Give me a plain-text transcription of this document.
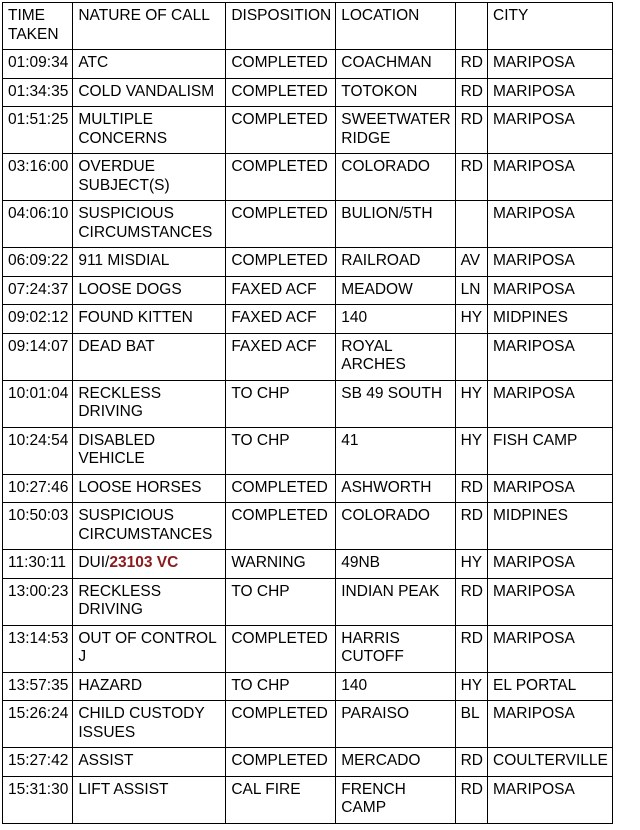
TIME TAKEN	NATURE OF CALL	DISPOSITION	LOCATION		CITY
01:09:34	ATC	COMPLETED	COACHMAN	RD	MARIPOSA
01:34:35	COLD VANDALISM	COMPLETED	TOTOKON	RD	MARIPOSA
01:51:25	MULTIPLE CONCERNS	COMPLETED	SWEETWATER RIDGE	RD	MARIPOSA
03:16:00	OVERDUE SUBJECT(S)	COMPLETED	COLORADO	RD	MARIPOSA
04:06:10	SUSPICIOUS CIRCUMSTANCES	COMPLETED	BULION/5TH		MARIPOSA
06:09:22	911 MISDIAL	COMPLETED	RAILROAD	AV	MARIPOSA
07:24:37	LOOSE DOGS	FAXED ACF	MEADOW	LN	MARIPOSA
09:02:12	FOUND KITTEN	FAXED ACF	140	HY	MIDPINES
09:14:07	DEAD BAT	FAXED ACF	ROYAL ARCHES		MARIPOSA
10:01:04	RECKLESS DRIVING	TO CHP	SB 49 SOUTH	HY	MARIPOSA
10:24:54	DISABLED VEHICLE	TO CHP	41	HY	FISH CAMP
10:27:46	LOOSE HORSES	COMPLETED	ASHWORTH	RD	MARIPOSA
10:50:03	SUSPICIOUS CIRCUMSTANCES	COMPLETED	COLORADO	RD	MIDPINES
11:30:11	DUI/23103 VC	WARNING	49NB	HY	MARIPOSA
13:00:23	RECKLESS DRIVING	TO CHP	INDIAN PEAK	RD	MARIPOSA
13:14:53	OUT OF CONTROL J	COMPLETED	HARRIS CUTOFF	RD	MARIPOSA
13:57:35	HAZARD	TO CHP	140	HY	EL PORTAL
15:26:24	CHILD CUSTODY ISSUES	COMPLETED	PARAISO	BL	MARIPOSA
15:27:42	ASSIST	COMPLETED	MERCADO	RD	COULTERVILLE
15:31:30	LIFT ASSIST	CAL FIRE	FRENCH CAMP	RD	MARIPOSA
